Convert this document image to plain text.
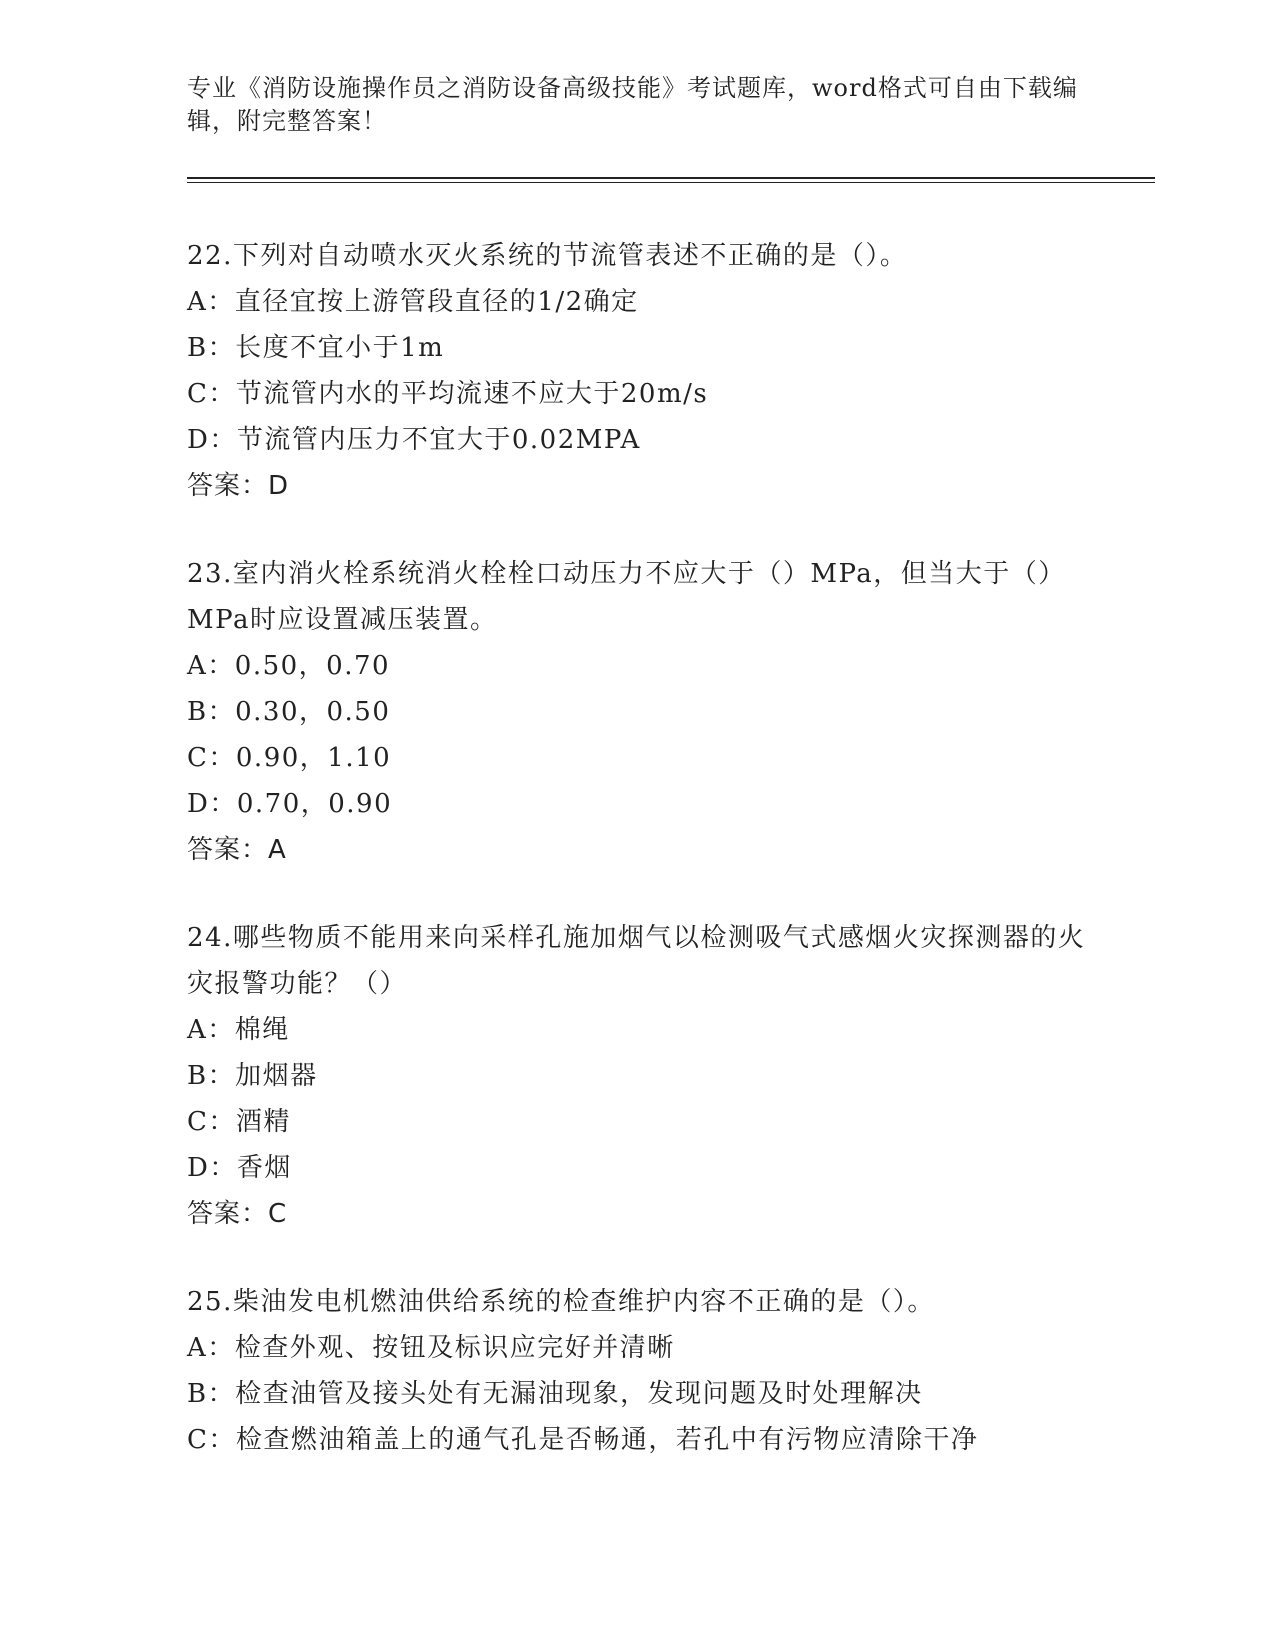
专业《消防设施操作员之消防设备高级技能》考试题库，word格式可自由下载编辑，附完整答案！
22.下列对自动喷水灭火系统的节流管表述不正确的是（）。
A：直径宜按上游管段直径的1/2确定
B：长度不宜小于1m
C：节流管内水的平均流速不应大于20m/s
D：节流管内压力不宜大于0.02MPA
答案：D
23.室内消火栓系统消火栓栓口动压力不应大于（）MPa，但当大于（）MPa时应设置减压装置。
A：0.50，0.70
B：0.30，0.50
C：0.90，1.10
D：0.70，0.90
答案：A
24.哪些物质不能用来向采样孔施加烟气以检测吸气式感烟火灾探测器的火灾报警功能？（）
A：棉绳
B：加烟器
C：酒精
D：香烟
答案：C
25.柴油发电机燃油供给系统的检查维护内容不正确的是（）。
A：检查外观、按钮及标识应完好并清晰
B：检查油管及接头处有无漏油现象，发现问题及时处理解决
C：检查燃油箱盖上的通气孔是否畅通，若孔中有污物应清除干净
